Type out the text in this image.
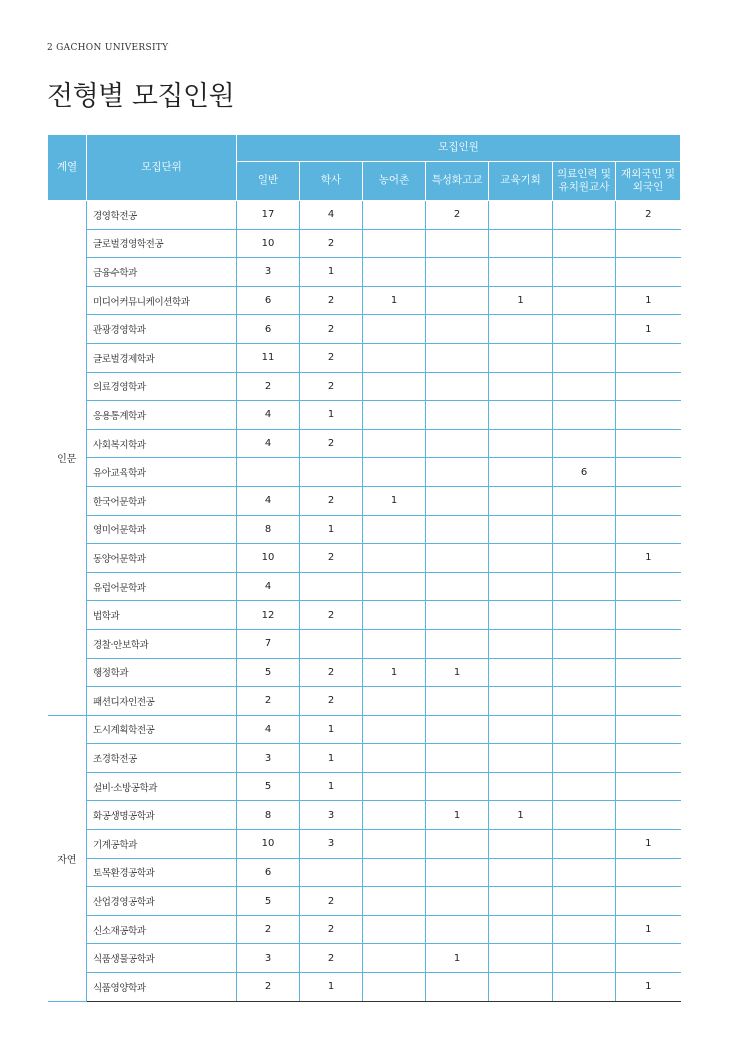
2 GACHON UNIVERSITY
전형별 모집인원
계열	모집단위	모집인원						
		일반	학사	농어촌	특성화고교	교육기회	의료인력 및 유치원교사	재외국민 및 외국인
인문	경영학전공	17	4		2			2
	글로벌경영학전공	10	2					
	금융수학과	3	1					
	미디어커뮤니케이션학과	6	2	1		1		1
	관광경영학과	6	2					1
	글로벌경제학과	11	2					
	의료경영학과	2	2					
	응용통계학과	4	1					
	사회복지학과	4	2					
	유아교육학과						6	
	한국어문학과	4	2	1				
	영미어문학과	8	1					
	동양어문학과	10	2					1
	유럽어문학과	4						
	법학과	12	2					
	경찰·안보학과	7						
	행정학과	5	2	1	1			
	패션디자인전공	2	2					
자연	도시계획학전공	4	1					
	조경학전공	3	1					
	설비·소방공학과	5	1					
	화공생명공학과	8	3		1	1		
	기계공학과	10	3					1
	토목환경공학과	6						
	산업경영공학과	5	2					
	신소재공학과	2	2					1
	식품생물공학과	3	2		1			
	식품영양학과	2	1					1
